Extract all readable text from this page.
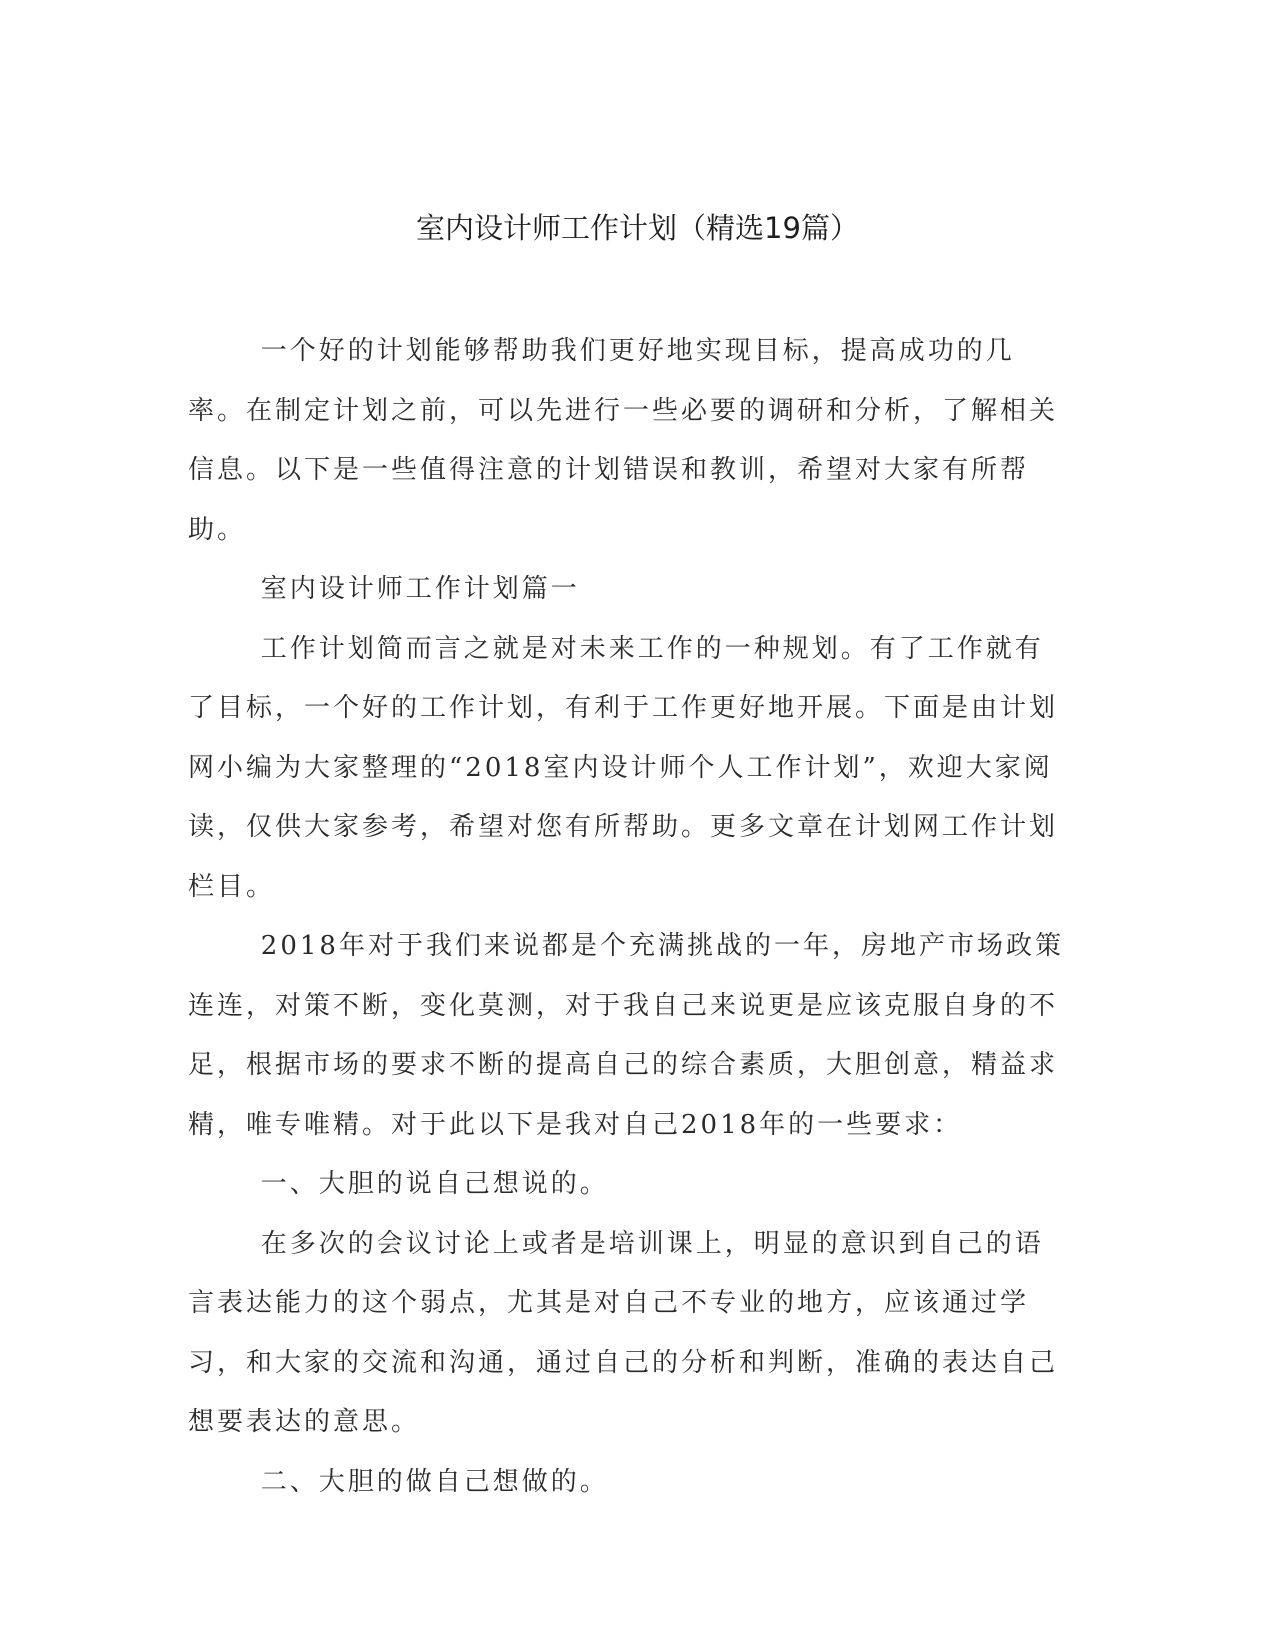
室内设计师工作计划（精选19篇）

一个好的计划能够帮助我们更好地实现目标，提高成功的几率。在制定计划之前，可以先进行一些必要的调研和分析，了解相关信息。以下是一些值得注意的计划错误和教训，希望对大家有所帮助。

室内设计师工作计划篇一

工作计划简而言之就是对未来工作的一种规划。有了工作就有了目标，一个好的工作计划，有利于工作更好地开展。下面是由计划网小编为大家整理的“2018室内设计师个人工作计划”，欢迎大家阅读，仅供大家参考，希望对您有所帮助。更多文章在计划网工作计划栏目。

2018年对于我们来说都是个充满挑战的一年，房地产市场政策连连，对策不断，变化莫测，对于我自己来说更是应该克服自身的不足，根据市场的要求不断的提高自己的综合素质，大胆创意，精益求精，唯专唯精。对于此以下是我对自己2018年的一些要求：

一、大胆的说自己想说的。

在多次的会议讨论上或者是培训课上，明显的意识到自己的语言表达能力的这个弱点，尤其是对自己不专业的地方，应该通过学习，和大家的交流和沟通，通过自己的分析和判断，准确的表达自己想要表达的意思。

二、大胆的做自己想做的。
